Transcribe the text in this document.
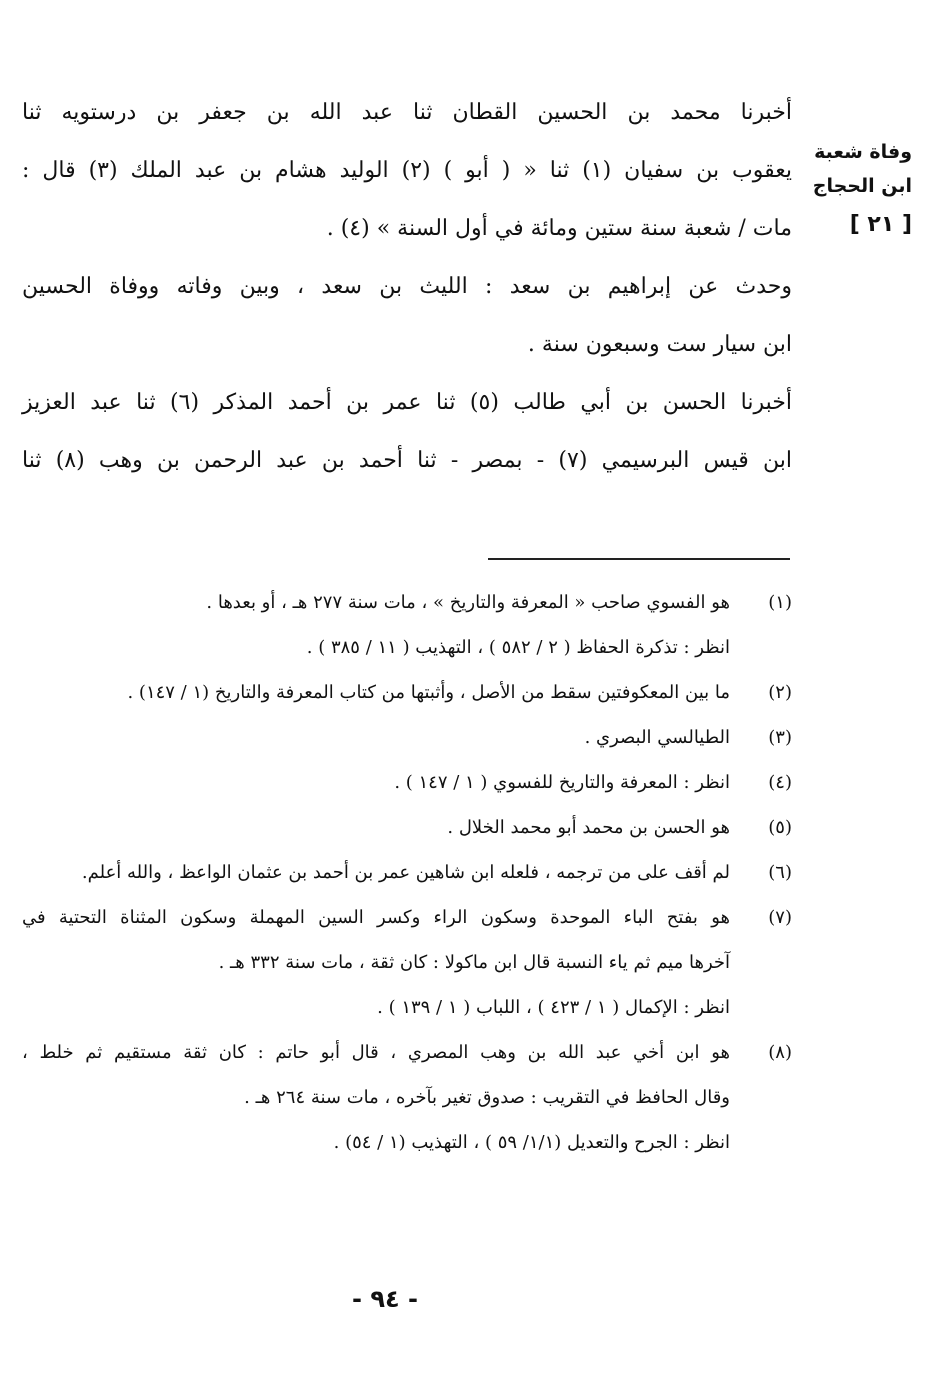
وفاة شعبة
ابن الحجاج
[ ٢١ ]
أخبرنا محمد بن الحسين القطان ثنا عبد الله بن جعفر بن درستويه ثنا
يعقوب بن سفيان (١) ثنا « ( أبو ) (٢) الوليد هشام بن عبد الملك (٣) قال :
مات / شعبة سنة ستين ومائة في أول السنة » (٤) .
وحدث عن إبراهيم بن سعد : الليث بن سعد ، وبين وفاته ووفاة الحسين
ابن سيار ست وسبعون سنة .
أخبرنا الحسن بن أبي طالب (٥) ثنا عمر بن أحمد المذكر (٦) ثنا عبد العزيز
ابن قيس البرسيمي (٧) - بمصر - ثنا أحمد بن عبد الرحمن بن وهب (٨) ثنا
(١)
هو الفسوي صاحب « المعرفة والتاريخ » ، مات سنة ٢٧٧ هـ ، أو بعدها .
انظر : تذكرة الحفاظ ( ٢ / ٥٨٢ ) ، التهذيب ( ١١ / ٣٨٥ ) .
(٢)
ما بين المعكوفتين سقط من الأصل ، وأثبتها من كتاب المعرفة والتاريخ (١ / ١٤٧) .
(٣)
الطيالسي البصري .
(٤)
انظر : المعرفة والتاريخ للفسوي ( ١ / ١٤٧ ) .
(٥)
هو الحسن بن محمد أبو محمد الخلال .
(٦)
لم أقف على من ترجمه ، فلعله ابن شاهين عمر بن أحمد بن عثمان الواعظ ، والله أعلم.
(٧)
هو بفتح الباء الموحدة وسكون الراء وكسر السين المهملة وسكون المثناة التحتية في
آخرها ميم ثم ياء النسبة قال ابن ماكولا : كان ثقة ، مات سنة ٣٣٢ هـ .
انظر : الإكمال ( ١ / ٤٢٣ ) ، اللباب ( ١ / ١٣٩ ) .
(٨)
هو ابن أخي عبد الله بن وهب المصري ، قال أبو حاتم : كان ثقة مستقيم ثم خلط ،
وقال الحافظ في التقريب : صدوق تغير بآخره ، مات سنة ٢٦٤ هـ .
انظر : الجرح والتعديل (١/١/ ٥٩ ) ، التهذيب (١ / ٥٤) .
- ٩٤ -
